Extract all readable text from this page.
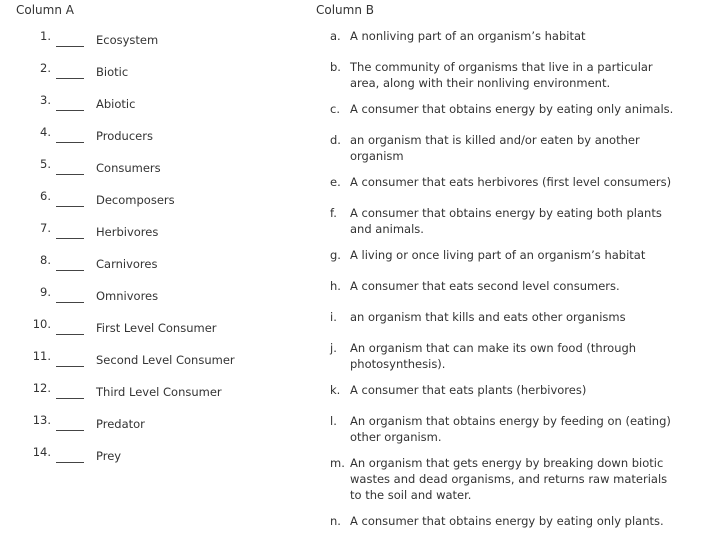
Column A	Column B
1.	Ecosystem
2.	Biotic
3.	Abiotic
4.	Producers
5.	Consumers
6.	Decomposers
7.	Herbivores
8.	Carnivores
9.	Omnivores
10.	First Level Consumer
11.	Second Level Consumer
12.	Third Level Consumer
13.	Predator
14.	Prey
a. A nonliving part of an organism’s habitat
b. The community of organisms that live in a particular area, along with their nonliving environment.
c. A consumer that obtains energy by eating only animals.
d. an organism that is killed and/or eaten by another organism
e. A consumer that eats herbivores (first level consumers)
f.	A consumer that obtains energy by eating both plants and animals.
g. A living or once living part of an organism’s habitat
h. A consumer that eats second level consumers.
i.	an organism that kills and eats other organisms
j.	An organism that can make its own food (through photosynthesis).
k. A consumer that eats plants (herbivores)
l.	An organism that obtains energy by feeding on (eating) other organism.
m. An organism that gets energy by breaking down biotic wastes and dead organisms, and returns raw materials to the soil and water.
n. A consumer that obtains energy by eating only plants.
